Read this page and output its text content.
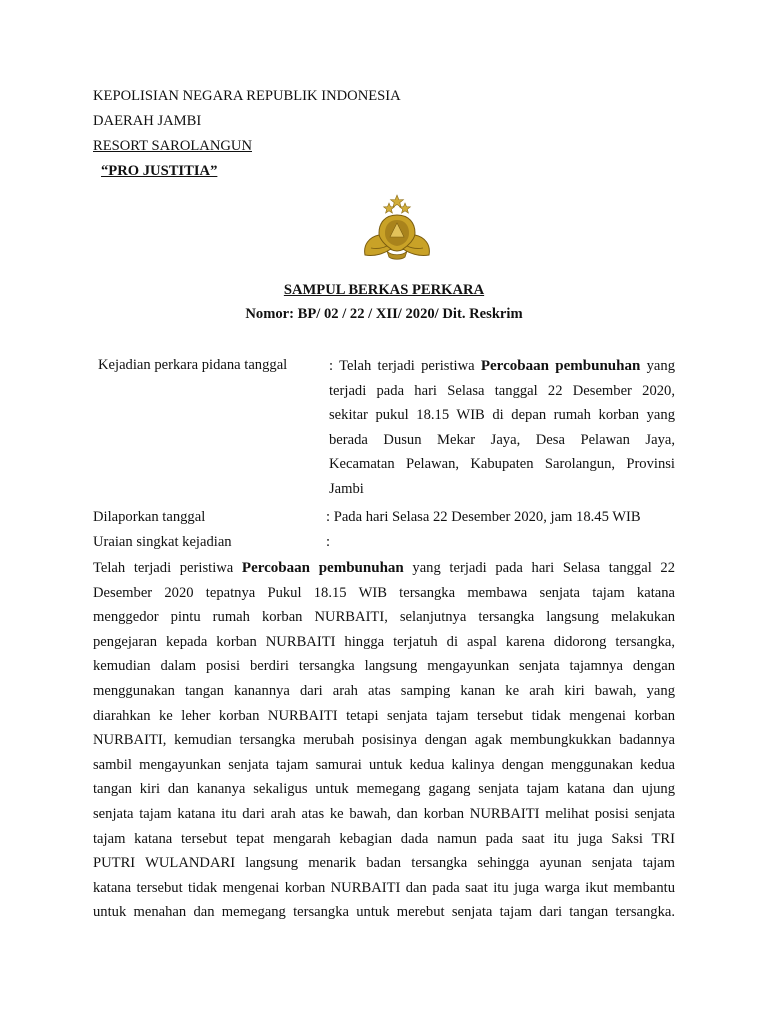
KEPOLISIAN NEGARA REPUBLIK INDONESIA
DAERAH JAMBI
RESORT SAROLANGUN
“PRO JUSTITIA”
SAMPUL BERKAS PERKARA
Nomor: BP/ 02 / 22 / XII/ 2020/ Dit. Reskrim
Kejadian perkara pidana tanggal	: Telah terjadi peristiwa Percobaan pembunuhan yang
terjadi pada hari Selasa tanggal 22 Desember 2020,
sekitar pukul 18.15 WIB di depan rumah korban yang
berada Dusun Mekar Jaya, Desa Pelawan Jaya,
Kecamatan Pelawan, Kabupaten Sarolangun, Provinsi
Jambi
Dilaporkan tanggal	: Pada hari Selasa 22 Desember 2020, jam 18.45 WIB
Uraian singkat kejadian	:
Telah terjadi peristiwa Percobaan pembunuhan yang terjadi pada hari Selasa tanggal 22
Desember 2020 tepatnya Pukul 18.15 WIB tersangka membawa senjata tajam katana
menggedor pintu rumah korban NURBAITI, selanjutnya tersangka langsung melakukan
pengejaran kepada korban NURBAITI hingga terjatuh di aspal karena didorong tersangka,
kemudian dalam posisi berdiri tersangka langsung mengayunkan senjata tajamnya dengan
menggunakan tangan kanannya dari arah atas samping kanan ke arah kiri bawah, yang
diarahkan ke leher korban NURBAITI tetapi senjata tajam tersebut tidak mengenai korban
NURBAITI, kemudian tersangka merubah posisinya dengan agak membungkukkan badannya
sambil mengayunkan senjata tajam samurai untuk kedua kalinya dengan menggunakan kedua
tangan kiri dan kananya sekaligus untuk memegang gagang senjata tajam katana dan ujung
senjata tajam katana itu dari arah atas ke bawah, dan korban NURBAITI melihat posisi senjata
tajam katana tersebut tepat mengarah kebagian dada namun pada saat itu juga Saksi TRI
PUTRI WULANDARI langsung menarik badan tersangka sehingga ayunan senjata tajam
katana tersebut tidak mengenai korban NURBAITI dan pada saat itu juga warga ikut membantu
untuk menahan dan memegang tersangka untuk merebut senjata tajam dari tangan tersangka.
